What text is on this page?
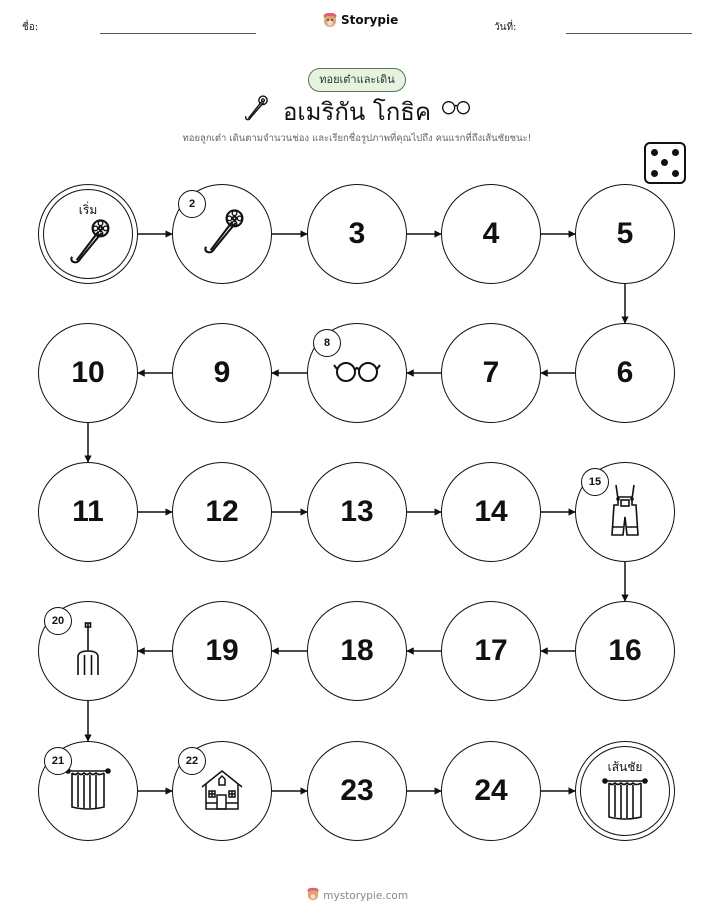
ชื่อ:
Storypie
วันที่:
ทอยเต๋าและเดิน
อเมริกัน โกธิค
ทอยลูกเต๋า เดินตามจำนวนช่อง และเรียกชื่อรูปภาพที่คุณไปถึง คนแรกที่ถึงเส้นชัยชนะ!
เริ่ม	2
3	4	5
6
7
8
9
10
11	12	13	14
15
16
17
18
19
20
21	22
23	24
เส้นชัย
mystorypie.com
